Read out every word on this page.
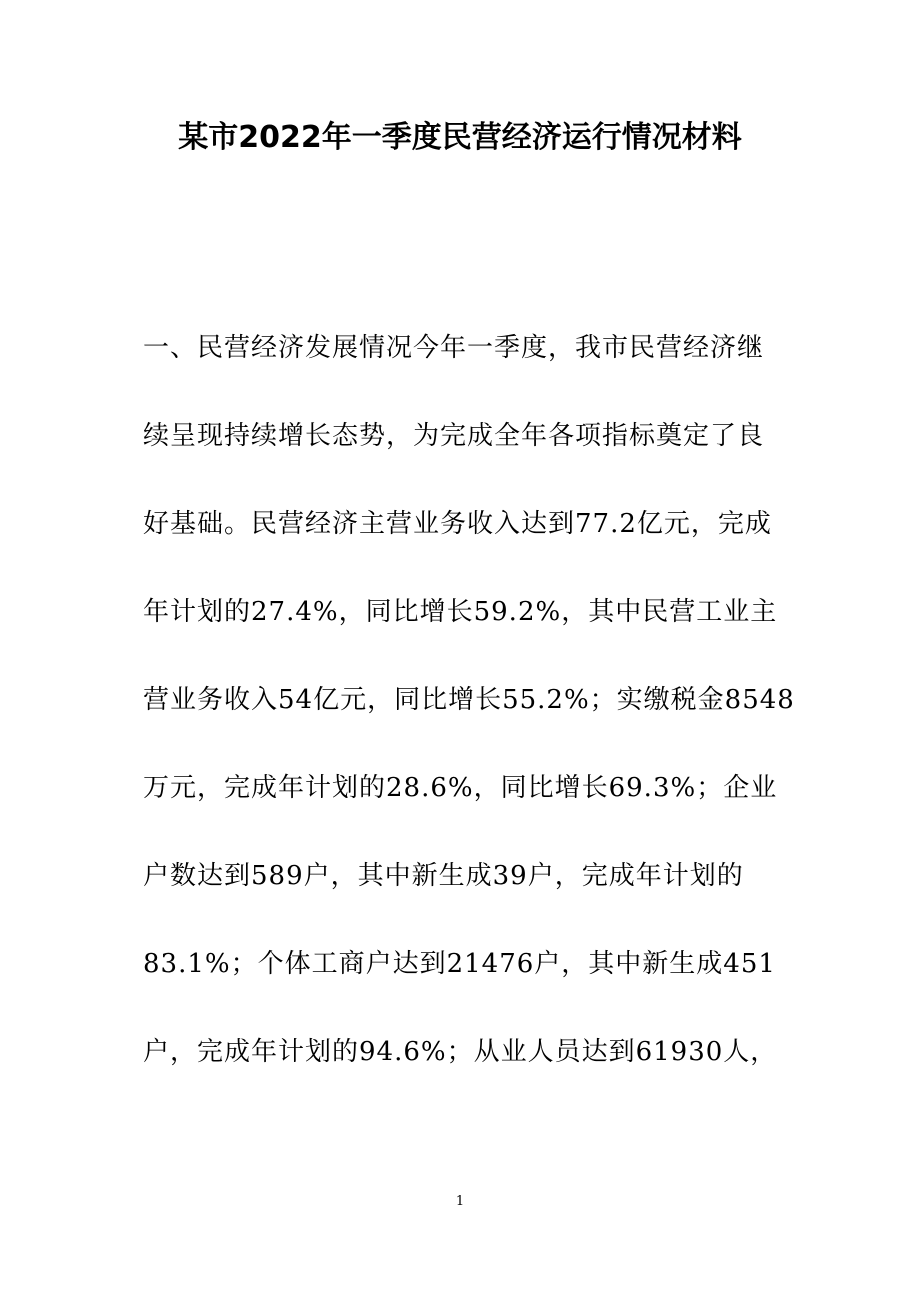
某市2022年一季度民营经济运行情况材料
一、民营经济发展情况今年一季度，我市民营经济继
续呈现持续增长态势，为完成全年各项指标奠定了良
好基础。民营经济主营业务收入达到77.2亿元，完成
年计划的27.4%，同比增长59.2%，其中民营工业主
营业务收入54亿元，同比增长55.2%；实缴税金8548
万元，完成年计划的28.6%，同比增长69.3%；企业
户数达到589户，其中新生成39户，完成年计划的
83.1%；个体工商户达到21476户，其中新生成451
户，完成年计划的94.6%；从业人员达到61930人，
1
